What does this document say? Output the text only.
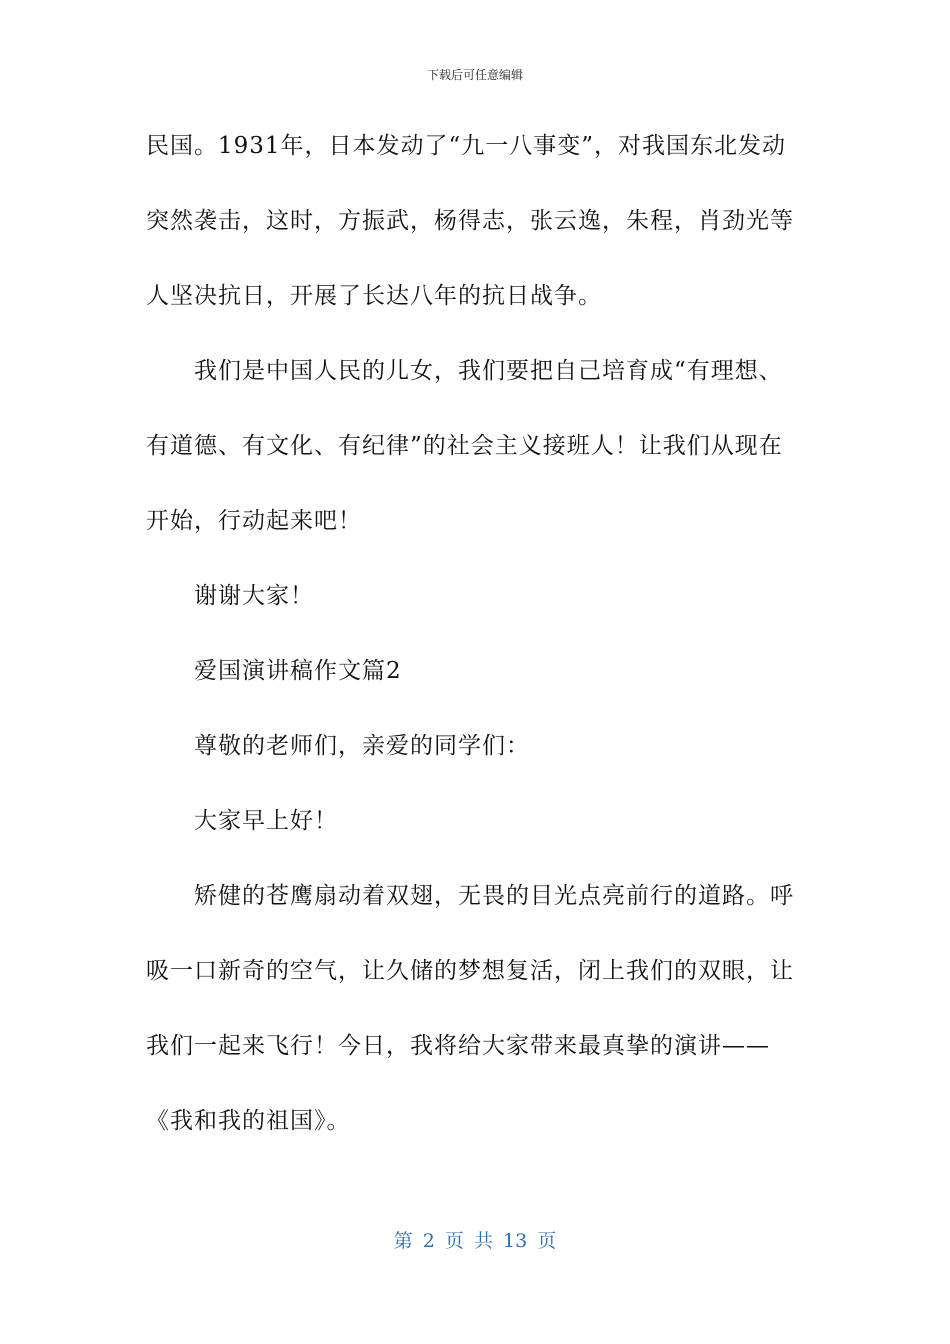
下载后可任意编辑
民国。1931年，日本发动了“九一八事变”，对我国东北发动
突然袭击，这时，方振武，杨得志，张云逸，朱程，肖劲光等
人坚决抗日，开展了长达八年的抗日战争。
我们是中国人民的儿女，我们要把自己培育成“有理想、
有道德、有文化、有纪律”的社会主义接班人！让我们从现在
开始，行动起来吧！
谢谢大家！
爱国演讲稿作文篇2
尊敬的老师们，亲爱的同学们：
大家早上好！
矫健的苍鹰扇动着双翅，无畏的目光点亮前行的道路。呼
吸一口新奇的空气，让久储的梦想复活，闭上我们的双眼，让
我们一起来飞行！今日，我将给大家带来最真挚的演讲——
《我和我的祖国》。
第 2 页 共 13 页
